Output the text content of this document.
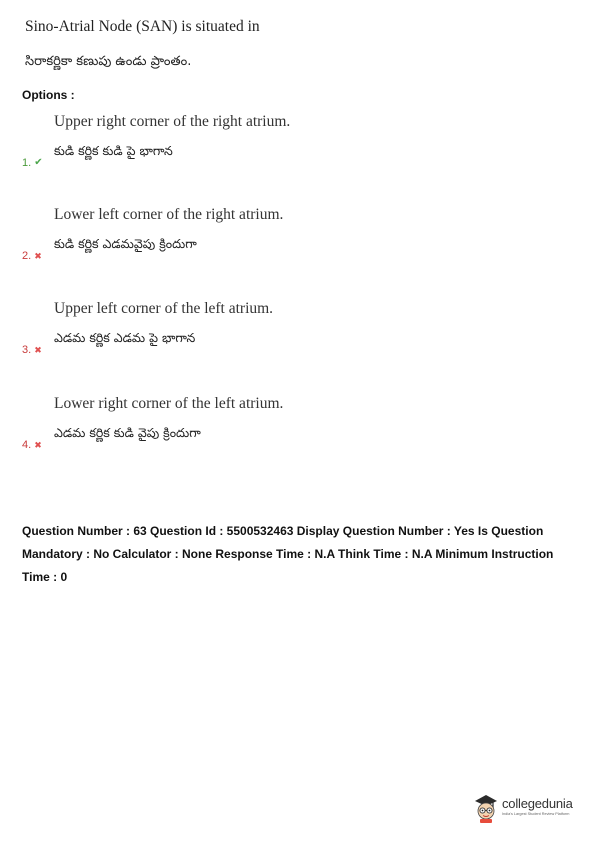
Sino-Atrial Node (SAN) is situated in
సిరాకర్ణికా కణుపు ఉండు ప్రాంతం.
Options :
Upper right corner of the right atrium.
కుడి కర్ణిక కుడి పై భాగాన
1. ✔
Lower left corner of the right atrium.
కుడి కర్ణిక ఎడమవైపు క్రిందుగా
2. ✖
Upper left corner of the left atrium.
ఎడమ కర్ణిక ఎడమ పై భాగాన
3. ✖
Lower right corner of the left atrium.
ఎడమ కర్ణిక కుడి వైపు క్రిందుగా
4. ✖
Question Number : 63 Question Id : 5500532463 Display Question Number : Yes Is Question Mandatory : No Calculator : None Response Time : N.A Think Time : N.A Minimum Instruction Time : 0
collegedunia
India's Largest Student Review Platform
